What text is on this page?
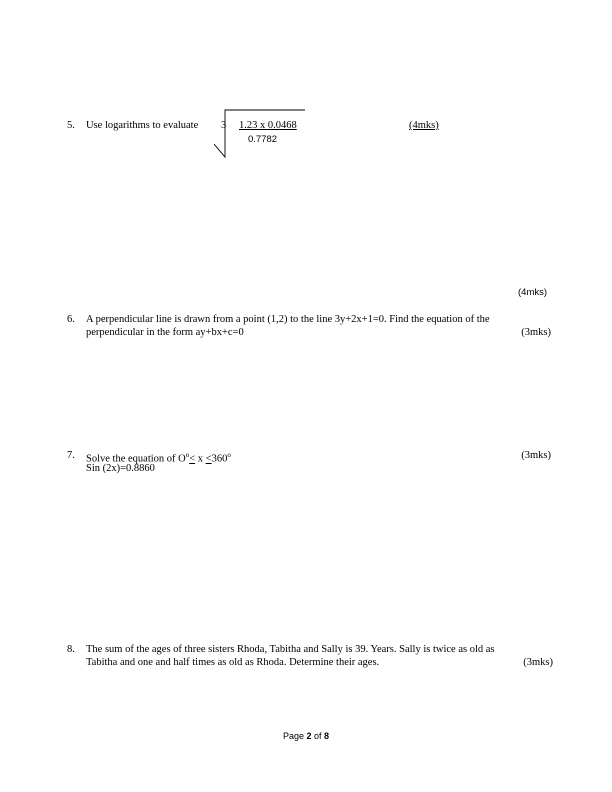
5.	Use logarithms to evaluate 3 1.23 x 0.0468
0.7782
(4mks)
(4mks)
6.	A perpendicular line is drawn from a point (1,2) to the line 3y+2x+1=0. Find the equation of the
perpendicular in the form ay+bx+c=0	(3mks)
7.	Solve the equation of $O^o< x <360^o$
Sin (2x)=0.8860
(3mks)
8.	The sum of the ages of three sisters Rhoda, Tabitha and Sally is 39. Years. Sally is twice as old as
Tabitha and one and half times as old as Rhoda. Determine their ages.	(3mks)
Page 2 of 8
